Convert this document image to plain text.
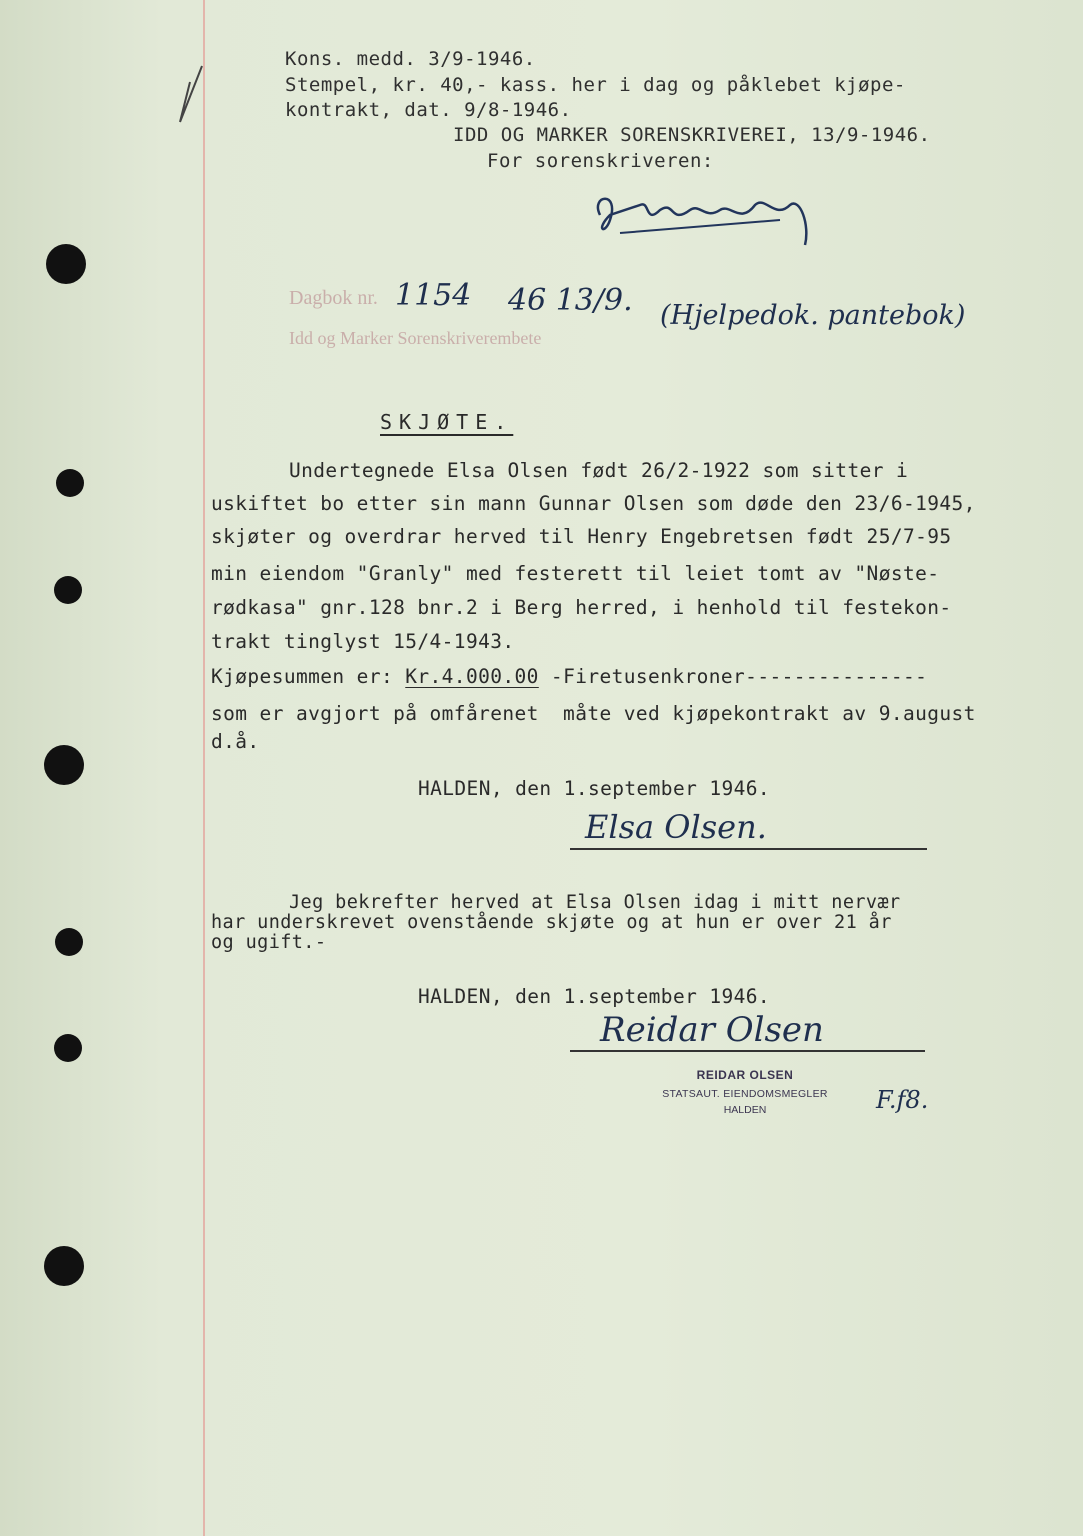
Kons. medd. 3/9-1946.
Stempel, kr. 40,- kass. her i dag og påklebet kjøpe-
kontrakt, dat. 9/8-1946.
IDD OG MARKER SORENSKRIVEREI, 13/9-1946.
For sorenskriveren:
Dagbok nr.
Idd og Marker Sorenskriverembete
1154 46 13/9. (Hjelpedok. pantebok)
SKJØTE.
Undertegnede Elsa Olsen født 26/2-1922 som sitter i
uskiftet bo etter sin mann Gunnar Olsen som døde den 23/6-1945,
skjøter og overdrar herved til Henry Engebretsen født 25/7-95
min eiendom "Granly" med festerett til leiet tomt av "Nøste-
rødkasa" gnr.128 bnr.2 i Berg herred, i henhold til festekon-
trakt tinglyst 15/4-1943.
Kjøpesummen er: Kr.4.000.00 -Firetusenkroner---------------
som er avgjort på omfårenet  måte ved kjøpekontrakt av 9.august
d.å.
HALDEN, den 1.september 1946.
Elsa Olsen.
Jeg bekrefter herved at Elsa Olsen idag i mitt nervær
har underskrevet ovenstående skjøte og at hun er over 21 år
og ugift.-
HALDEN, den 1.september 1946.
Reidar Olsen
REIDAR OLSEN
STATSAUT. EIENDOMSMEGLER
HALDEN	F.f8.
